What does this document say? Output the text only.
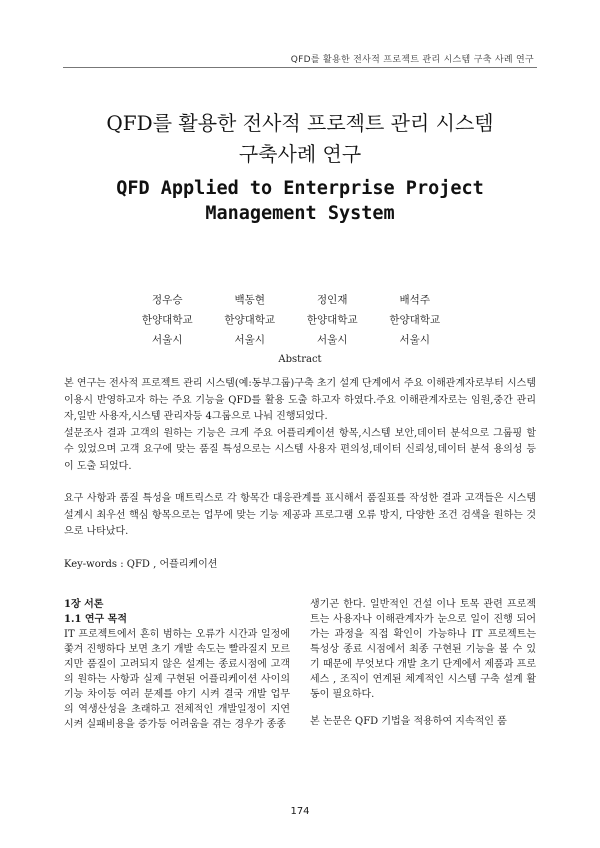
QFD를 활용한 전사적 프로젝트 관리 시스템 구축 사례 연구
QFD를 활용한 전사적 프로젝트 관리 시스템
구축사례 연구
QFD Applied to Enterprise Project
Management System
정우승	백동현	정인재	배석주
한양대학교	한양대학교	한양대학교	한양대학교
서울시	서울시	서울시	서울시
Abstract

본 연구는 전사적 프로젝트 관리 시스템(예:동부그룹)구축 초기 설계 단계에서 주요 이해관계자로부터 시스템 이용시 반영하고자 하는 주요 기능을 QFD를 활용 도출 하고자 하였다.주요 이해관계자로는 임원,중간 관리자,일반 사용자,시스템 관리자등 4그룹으로 나눠 진행되었다.

설문조사 결과 고객의 원하는 기능은 크게 주요 어플리케이션 항목,시스템 보안,데이터 분석으로 그룹핑 할 수 있었으며 고객 요구에 맞는 품질 특성으로는 시스템 사용자 편의성,데이터 신뢰성,데이터 분석 용의성 등이 도출 되었다.

요구 사항과 품질 특성을 매트릭스로 각 항목간 대응관계를 표시해서 품질표를 작성한 결과 고객들은 시스템 설계시 최우선 핵심 항목으로는 업무에 맞는 기능 제공과 프로그램 오류 방지, 다양한 조건 검색을 원하는 것으로 나타났다.

Key-words : QFD , 어플리케이션
1장 서론
1.1 연구 목적

IT 프로젝트에서 흔히 범하는 오류가 시간과 일정에 쫓겨 진행하다 보면 초기 개발 속도는 빨라질지 모르지만 품질이 고려되지 않은 설계는 종료시점에 고객의 원하는 사항과 실제 구현된 어플리케이션 사이의 기능 차이등 여러 문제를 야기 시켜 결국 개발 업무의 역생산성을 초래하고 전체적인 개발일정이 지연시켜 실패비용을 증가등 어려움을 겪는 경우가 종종

생기곤 한다. 일반적인 건설 이나 토목 관련 프로젝트는 사용자나 이해관계자가 눈으로 일이 진행 되어 가는 과정을 직접 확인이 가능하나 IT 프로젝트는 특성상 종료 시점에서 최종 구현된 기능을 볼 수 있기 때문에 무엇보다 개발 초기 단계에서 제품과 프로세스 , 조직이 연계된 체계적인 시스템 구축 설계 활동이 필요하다.

본 논문은 QFD 기법을 적용하여 지속적인 품

174
